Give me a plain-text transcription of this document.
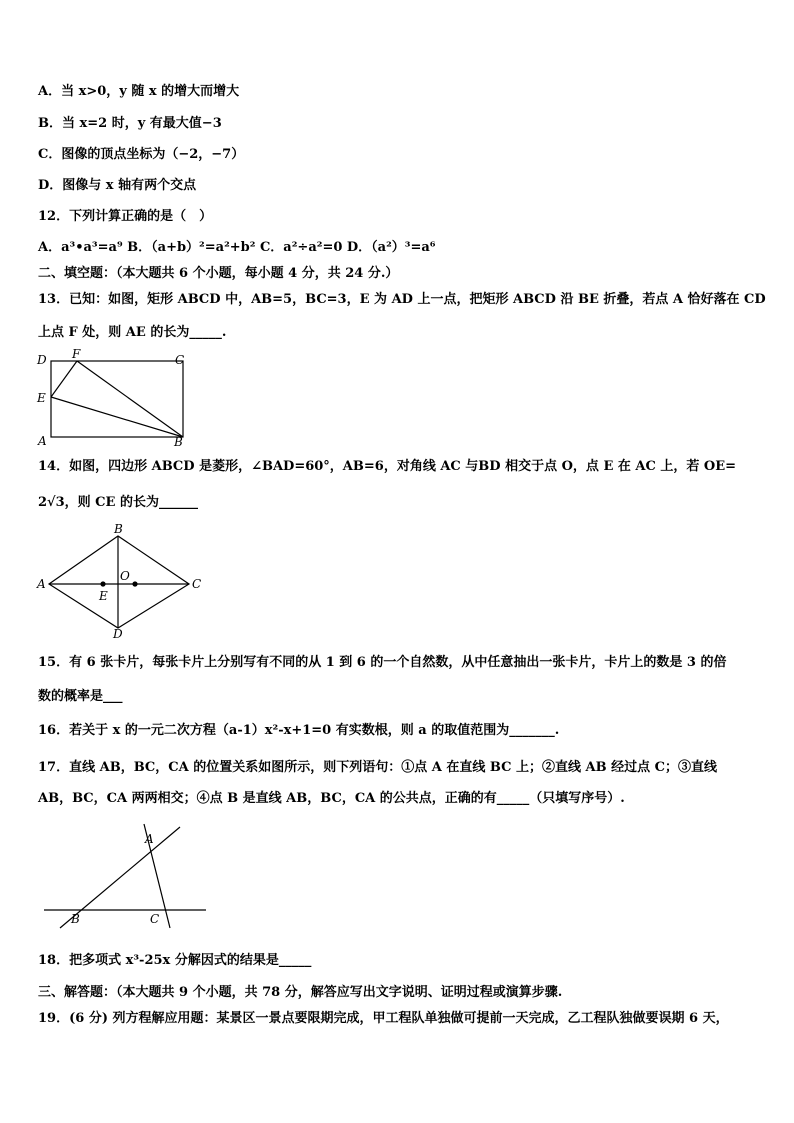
A．当 x>0，y 随 x 的增大而增大
B．当 x=2 时，y 有最大值−3
C．图像的顶点坐标为（−2，−7）
D．图像与 x 轴有两个交点
12．下列计算正确的是（　）
A．a³•a³=a⁹ B．（a+b）²=a²+b² C．a²÷a²=0 D．（a²）³=a⁶
二、填空题：（本大题共 6 个小题，每小题 4 分，共 24 分.）
13．已知：如图，矩形 ABCD 中，AB=5，BC=3，E 为 AD 上一点，把矩形 ABCD 沿 BE 折叠，若点 A 恰好落在 CD
上点 F 处，则 AE 的长为_____.
D F	C
E
A	B
14．如图，四边形 ABCD 是菱形，∠BAD=60°，AB=6，对角线 AC 与BD 相交于点 O，点 E 在 AC 上，若 OE=
2√3，则 CE 的长为______
B
A
O
C
E
D
15．有 6 张卡片，每张卡片上分别写有不同的从 1 到 6 的一个自然数，从中任意抽出一张卡片，卡片上的数是 3 的倍
数的概率是___
16．若关于 x 的一元二次方程（a-1）x²-x+1=0 有实数根，则 a 的取值范围为_______.
17．直线 AB，BC，CA 的位置关系如图所示，则下列语句：①点 A 在直线 BC 上；②直线 AB 经过点 C；③直线
AB，BC，CA 两两相交；④点 B 是直线 AB，BC，CA 的公共点，正确的有_____（只填写序号）.
A
B	C
18．把多项式 x³-25x 分解因式的结果是_____
三、解答题：（本大题共 9 个小题，共 78 分，解答应写出文字说明、证明过程或演算步骤.
19．(6 分) 列方程解应用题：某景区一景点要限期完成，甲工程队单独做可提前一天完成，乙工程队独做要误期 6 天，
